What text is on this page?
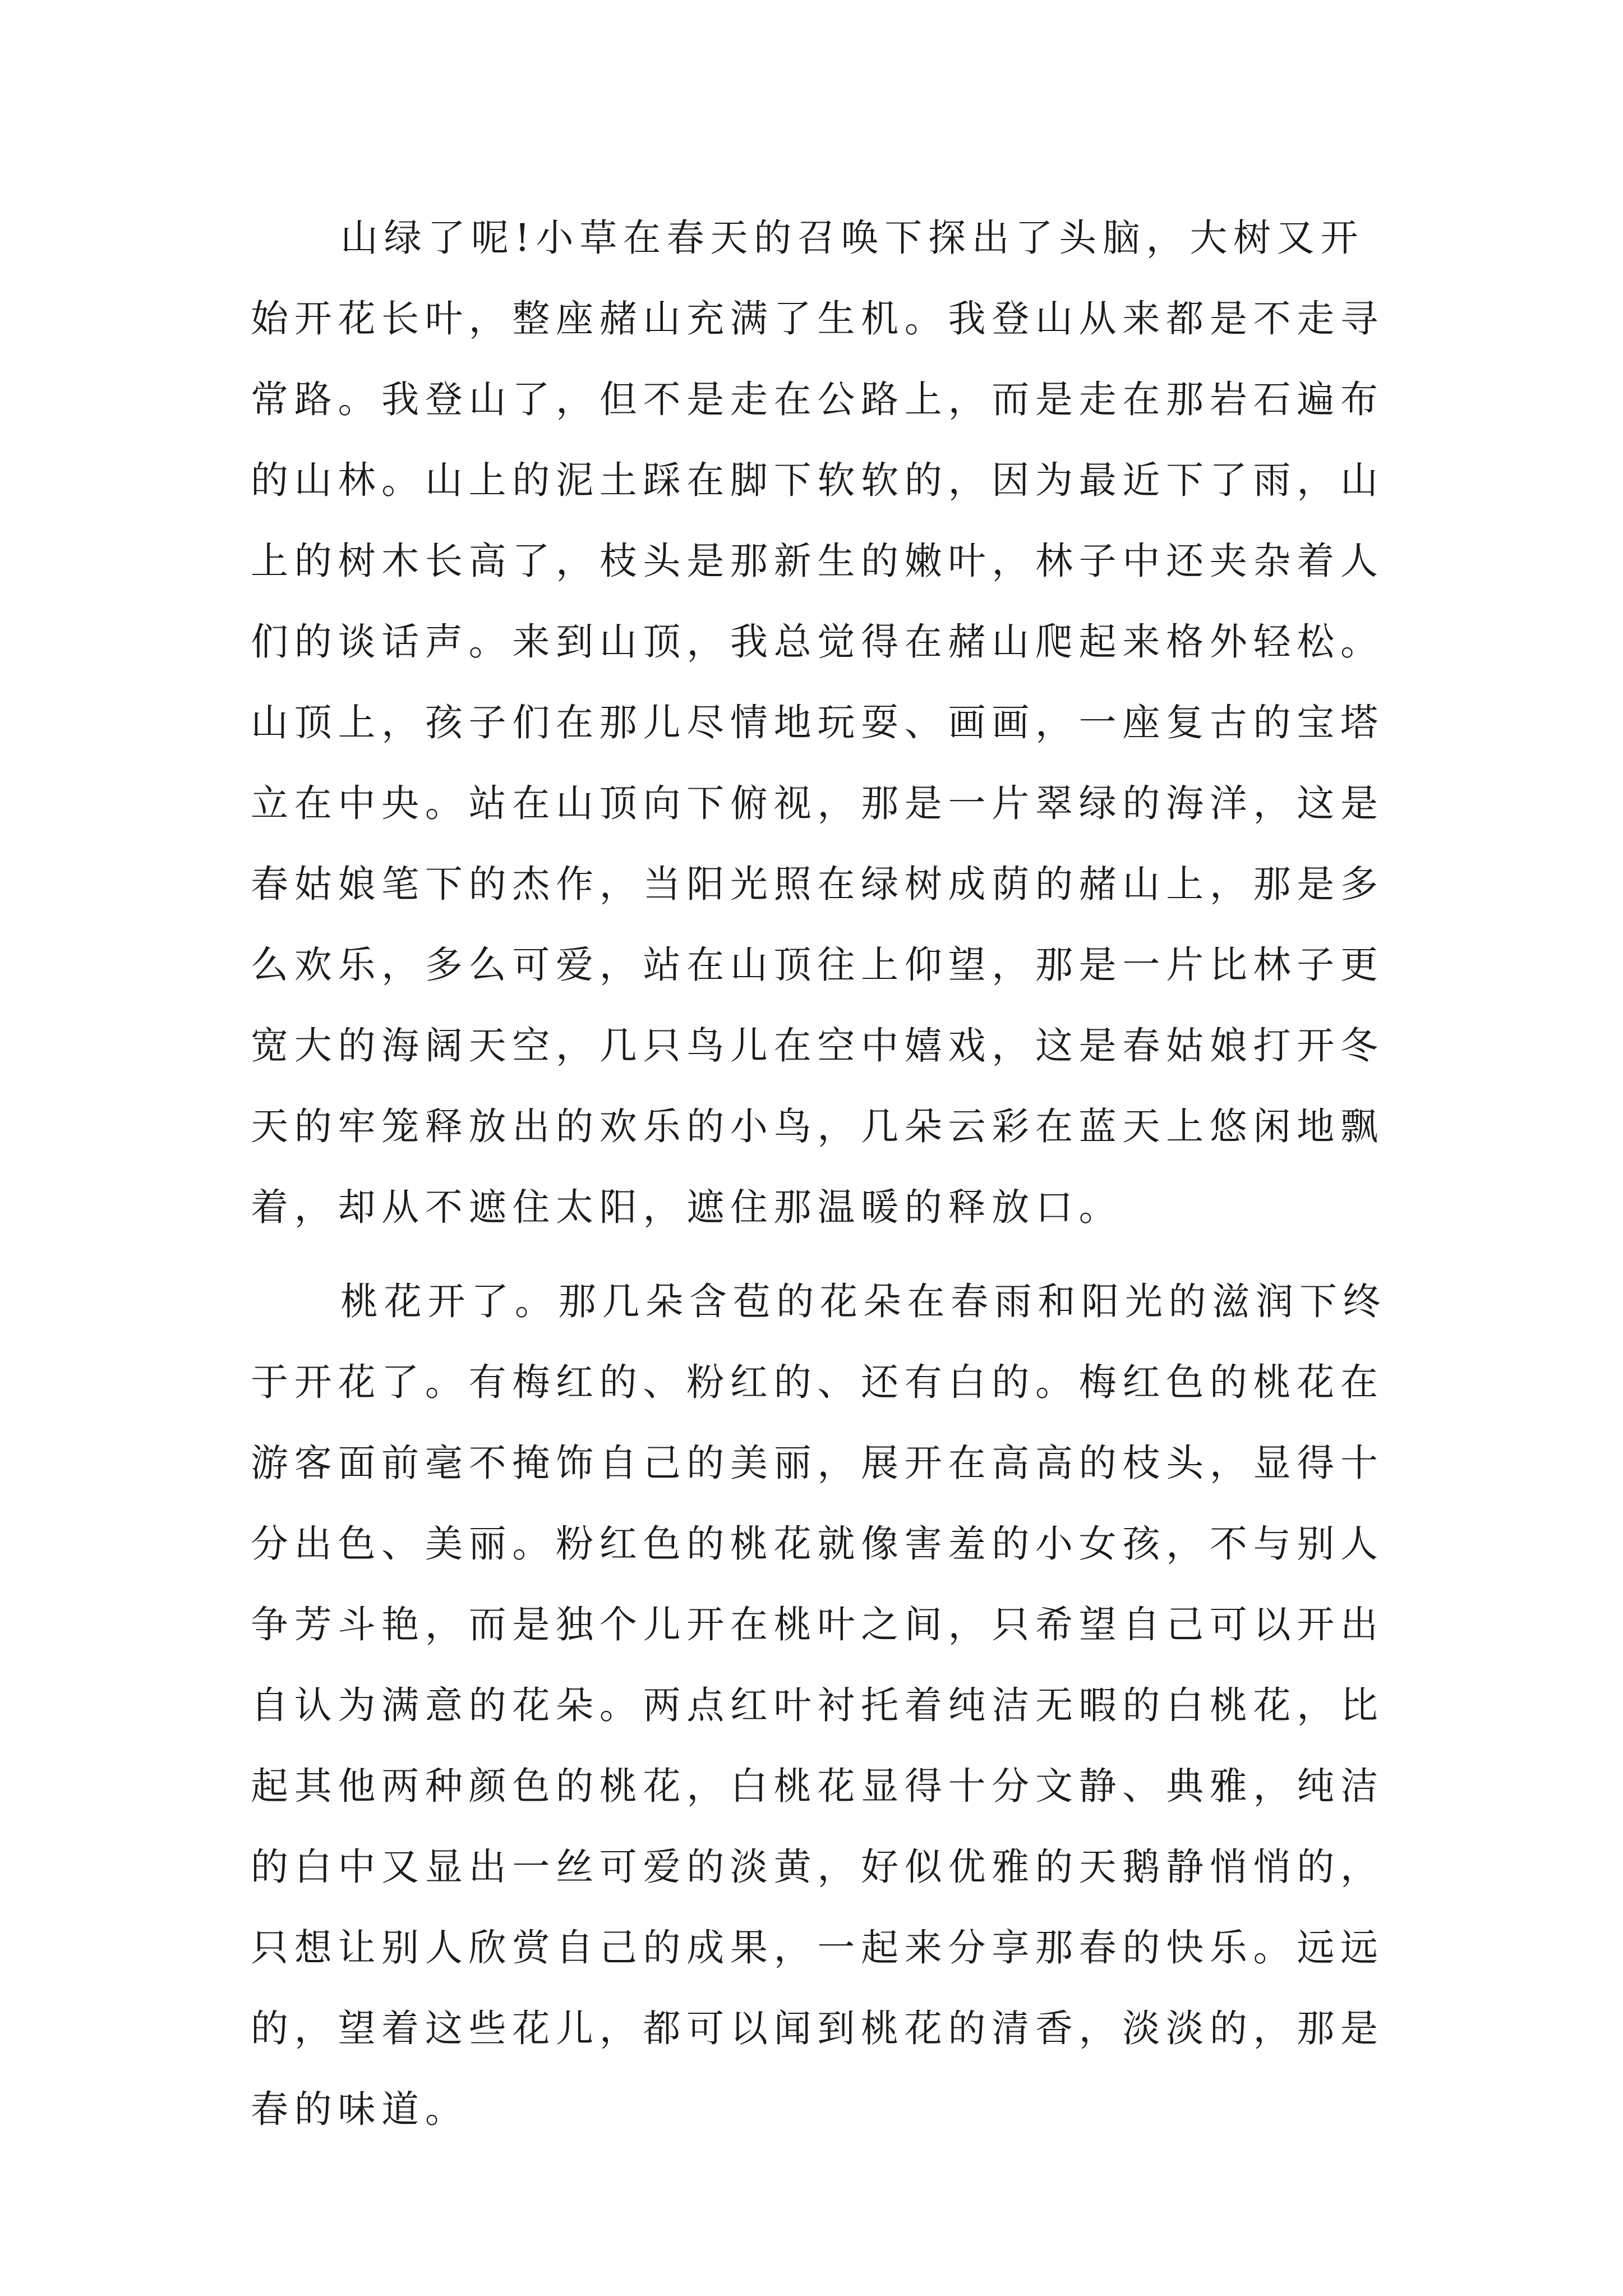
山绿了呢!小草在春天的召唤下探出了头脑，大树又开
始开花长叶，整座赭山充满了生机。我登山从来都是不走寻
常路。我登山了，但不是走在公路上，而是走在那岩石遍布
的山林。山上的泥土踩在脚下软软的，因为最近下了雨，山
上的树木长高了，枝头是那新生的嫩叶，林子中还夹杂着人
们的谈话声。来到山顶，我总觉得在赭山爬起来格外轻松。
山顶上，孩子们在那儿尽情地玩耍、画画，一座复古的宝塔
立在中央。站在山顶向下俯视，那是一片翠绿的海洋，这是
春姑娘笔下的杰作，当阳光照在绿树成荫的赭山上，那是多
么欢乐，多么可爱，站在山顶往上仰望，那是一片比林子更
宽大的海阔天空，几只鸟儿在空中嬉戏，这是春姑娘打开冬
天的牢笼释放出的欢乐的小鸟，几朵云彩在蓝天上悠闲地飘
着，却从不遮住太阳，遮住那温暖的释放口。
桃花开了。那几朵含苞的花朵在春雨和阳光的滋润下终
于开花了。有梅红的、粉红的、还有白的。梅红色的桃花在
游客面前毫不掩饰自己的美丽，展开在高高的枝头，显得十
分出色、美丽。粉红色的桃花就像害羞的小女孩，不与别人
争芳斗艳，而是独个儿开在桃叶之间，只希望自己可以开出
自认为满意的花朵。两点红叶衬托着纯洁无暇的白桃花，比
起其他两种颜色的桃花，白桃花显得十分文静、典雅，纯洁
的白中又显出一丝可爱的淡黄，好似优雅的天鹅静悄悄的，
只想让别人欣赏自己的成果，一起来分享那春的快乐。远远
的，望着这些花儿，都可以闻到桃花的清香，淡淡的，那是
春的味道。
